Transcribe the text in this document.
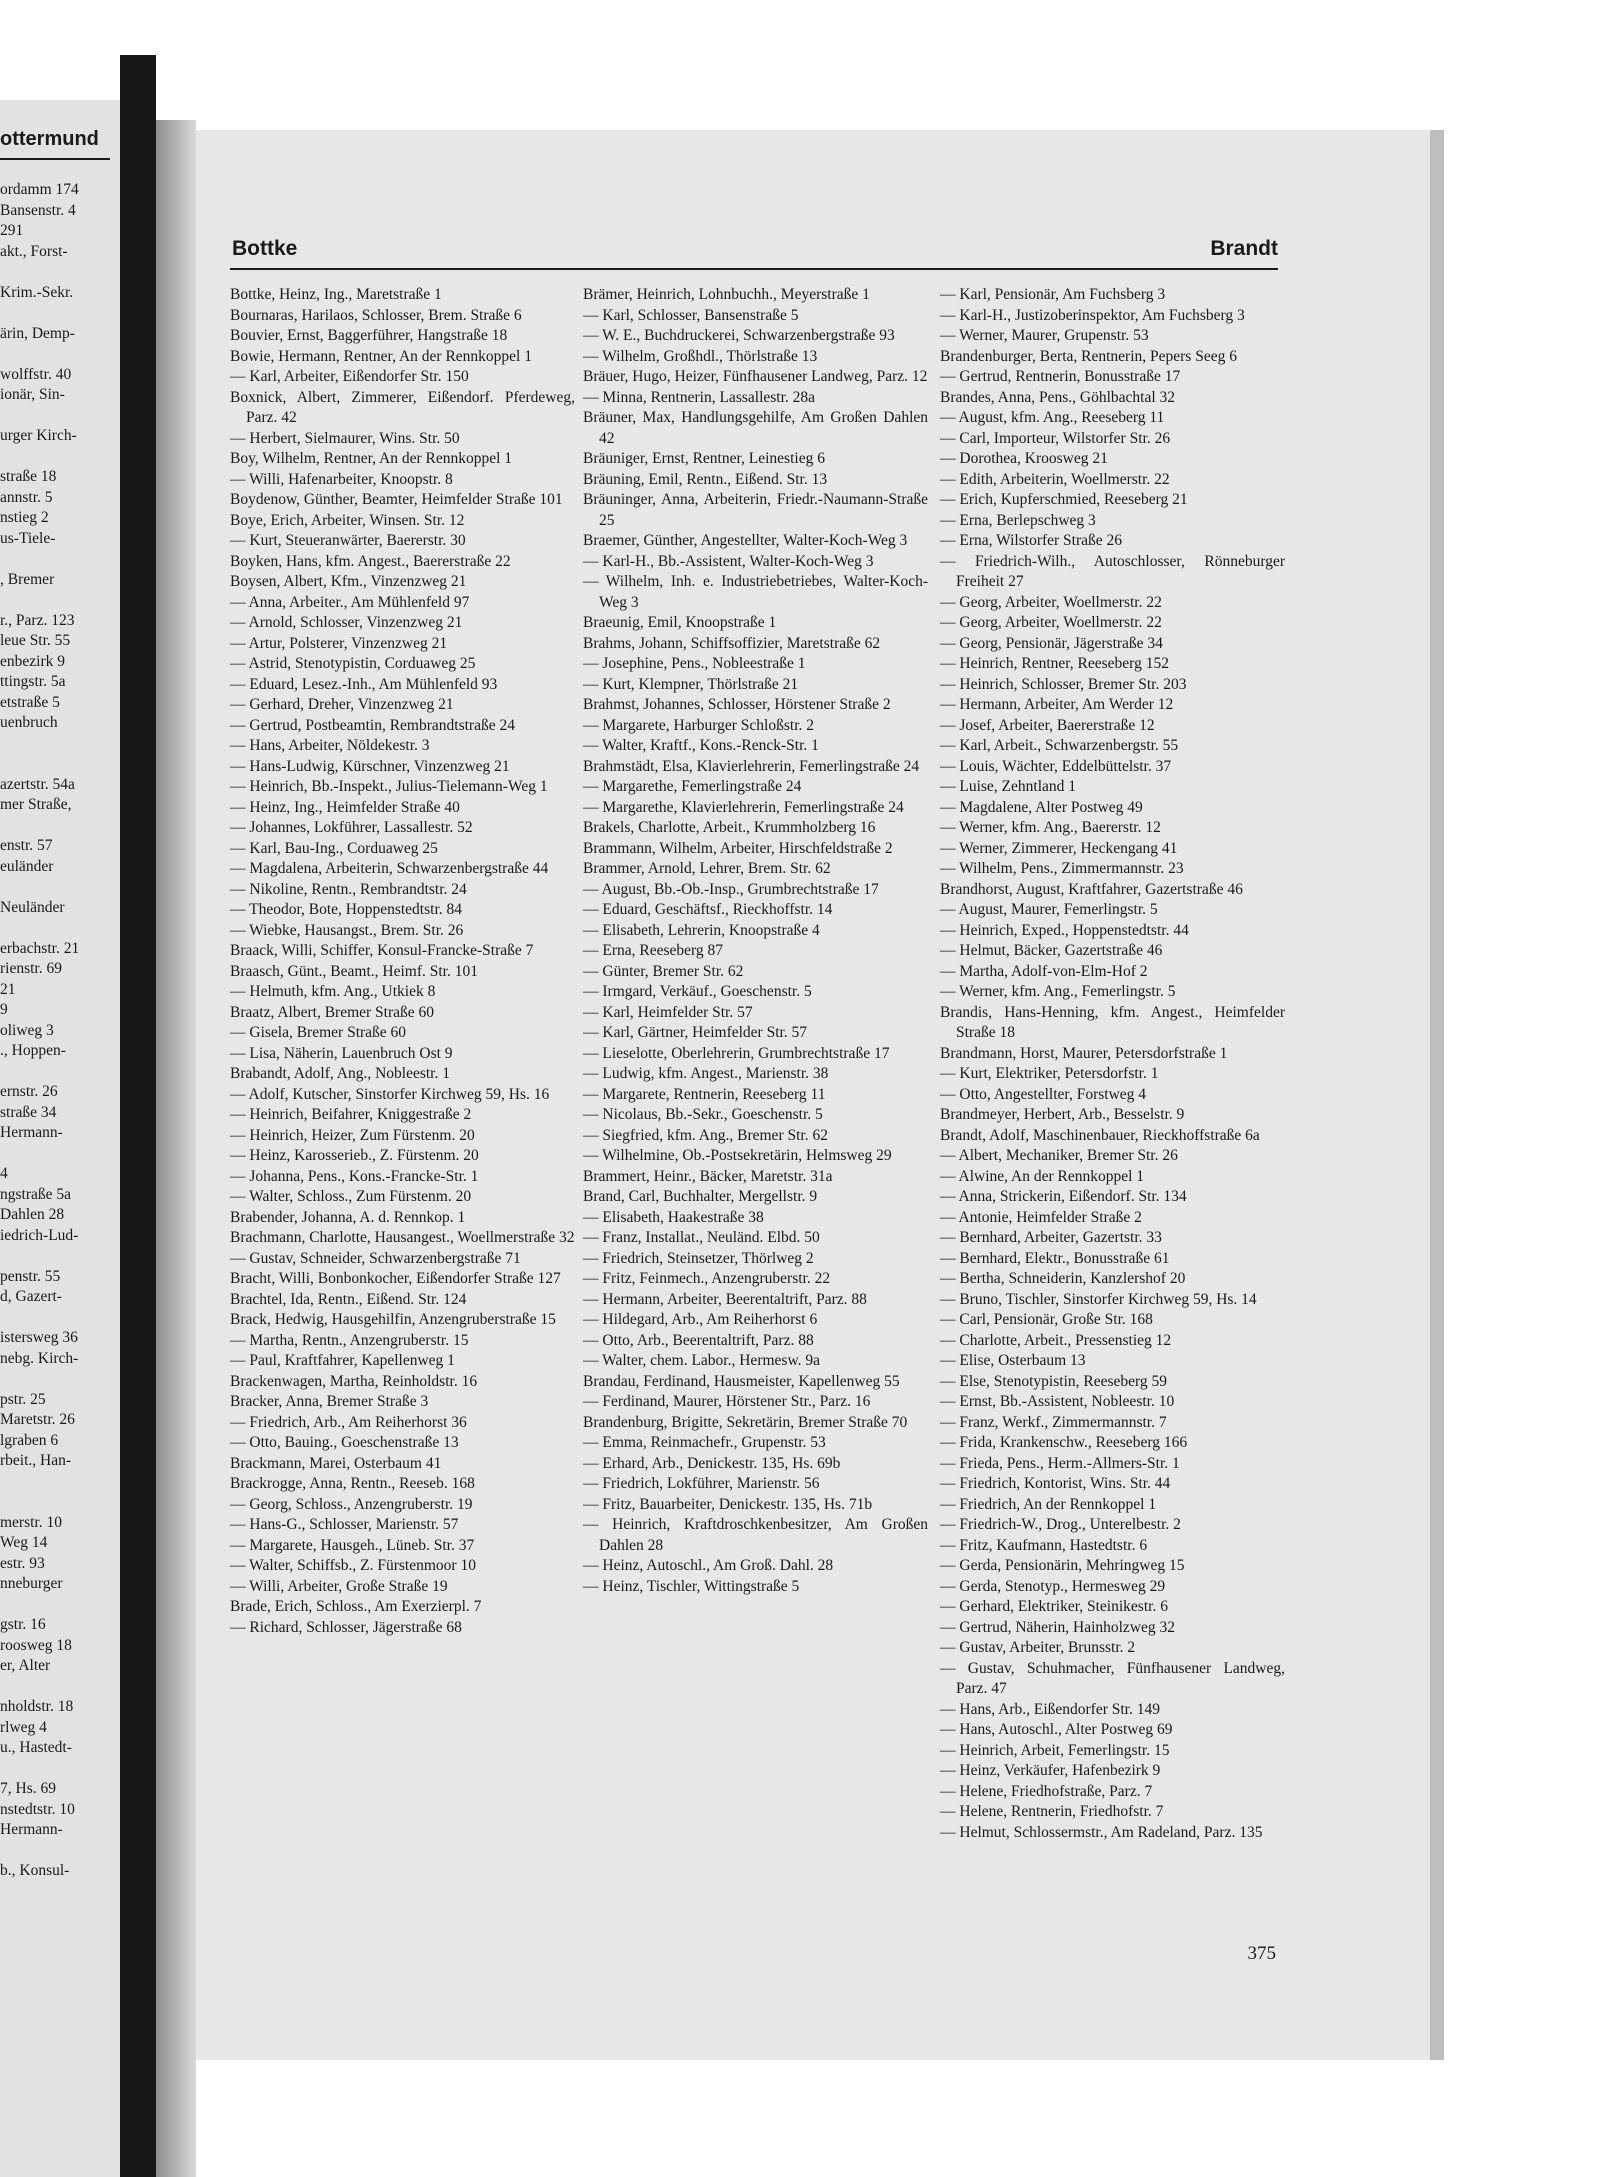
ottermund
ordamm 174
Bansenstr. 4
291
akt., Forst-
Krim.-Sekr.
ärin, Demp-
wolffstr. 40
ionär, Sin-
urger Kirch-
straße 18
annstr. 5
nstieg 2
us-Tiele-
, Bremer
r., Parz. 123
leue Str. 55
enbezirk 9
ttingstr. 5a
etstraße 5
uenbruch
azertstr. 54a
mer Straße,
enstr. 57
euländer
Neuländer
erbachstr. 21
rienstr. 69
21
9
oliweg 3
., Hoppen-
ernstr. 26
straße 34
Hermann-
4
ngstraße 5a
Dahlen 28
iedrich-Lud-
penstr. 55
d, Gazert-
istersweg 36
nebg. Kirch-
pstr. 25
Maretstr. 26
lgraben 6
rbeit., Han-
merstr. 10
Weg 14
estr. 93
nneburger
gstr. 16
roosweg 18
er, Alter
nholdstr. 18
rlweg 4
u., Hastedt-
7, Hs. 69
nstedtstr. 10
Hermann-
b., Konsul-
Bottke	Brandt
Bottke, Heinz, Ing., Maretstraße 1
Bournaras, Harilaos, Schlosser, Brem. Straße 6
Bouvier, Ernst, Baggerführer, Hangstraße 18
Bowie, Hermann, Rentner, An der Rennkoppel 1
— Karl, Arbeiter, Eißendorfer Str. 150
Boxnick, Albert, Zimmerer, Eißendorf. Pferdeweg, Parz. 42
— Herbert, Sielmaurer, Wins. Str. 50
Boy, Wilhelm, Rentner, An der Rennkoppel 1
— Willi, Hafenarbeiter, Knoopstr. 8
Boydenow, Günther, Beamter, Heimfelder Straße 101
Boye, Erich, Arbeiter, Winsen. Str. 12
— Kurt, Steueranwärter, Baererstr. 30
Boyken, Hans, kfm. Angest., Baererstraße 22
Boysen, Albert, Kfm., Vinzenzweg 21
— Anna, Arbeiter., Am Mühlenfeld 97
— Arnold, Schlosser, Vinzenzweg 21
— Artur, Polsterer, Vinzenzweg 21
— Astrid, Stenotypistin, Corduaweg 25
— Eduard, Lesez.-Inh., Am Mühlenfeld 93
— Gerhard, Dreher, Vinzenzweg 21
— Gertrud, Postbeamtin, Rembrandtstraße 24
— Hans, Arbeiter, Nöldekestr. 3
— Hans-Ludwig, Kürschner, Vinzenzweg 21
— Heinrich, Bb.-Inspekt., Julius-Tielemann-Weg 1
— Heinz, Ing., Heimfelder Straße 40
— Johannes, Lokführer, Lassallestr. 52
— Karl, Bau-Ing., Corduaweg 25
— Magdalena, Arbeiterin, Schwarzenbergstraße 44
— Nikoline, Rentn., Rembrandtstr. 24
— Theodor, Bote, Hoppenstedtstr. 84
— Wiebke, Hausangst., Brem. Str. 26
Braack, Willi, Schiffer, Konsul-Francke-Straße 7
Braasch, Günt., Beamt., Heimf. Str. 101
— Helmuth, kfm. Ang., Utkiek 8
Braatz, Albert, Bremer Straße 60
— Gisela, Bremer Straße 60
— Lisa, Näherin, Lauenbruch Ost 9
Brabandt, Adolf, Ang., Nobleestr. 1
— Adolf, Kutscher, Sinstorfer Kirchweg 59, Hs. 16
— Heinrich, Beifahrer, Kniggestraße 2
— Heinrich, Heizer, Zum Fürstenm. 20
— Heinz, Karosserieb., Z. Fürstenm. 20
— Johanna, Pens., Kons.-Francke-Str. 1
— Walter, Schloss., Zum Fürstenm. 20
Brabender, Johanna, A. d. Rennkop. 1
Brachmann, Charlotte, Hausangest., Woellmerstraße 32
— Gustav, Schneider, Schwarzenbergstraße 71
Bracht, Willi, Bonbonkocher, Eißendorfer Straße 127
Brachtel, Ida, Rentn., Eißend. Str. 124
Brack, Hedwig, Hausgehilfin, Anzengruberstraße 15
— Martha, Rentn., Anzengruberstr. 15
— Paul, Kraftfahrer, Kapellenweg 1
Brackenwagen, Martha, Reinholdstr. 16
Bracker, Anna, Bremer Straße 3
— Friedrich, Arb., Am Reiherhorst 36
— Otto, Bauing., Goeschenstraße 13
Brackmann, Marei, Osterbaum 41
Brackrogge, Anna, Rentn., Reeseb. 168
— Georg, Schloss., Anzengruberstr. 19
— Hans-G., Schlosser, Marienstr. 57
— Margarete, Hausgeh., Lüneb. Str. 37
— Walter, Schiffsb., Z. Fürstenmoor 10
— Willi, Arbeiter, Große Straße 19
Brade, Erich, Schloss., Am Exerzierpl. 7
— Richard, Schlosser, Jägerstraße 68
Brämer, Heinrich, Lohnbuchh., Meyerstraße 1
— Karl, Schlosser, Bansenstraße 5
— W. E., Buchdruckerei, Schwarzenbergstraße 93
— Wilhelm, Großhdl., Thörlstraße 13
Bräuer, Hugo, Heizer, Fünfhausener Landweg, Parz. 12
— Minna, Rentnerin, Lassallestr. 28a
Bräuner, Max, Handlungsgehilfe, Am Großen Dahlen 42
Bräuniger, Ernst, Rentner, Leinestieg 6
Bräuning, Emil, Rentn., Eißend. Str. 13
Bräuninger, Anna, Arbeiterin, Friedr.-Naumann-Straße 25
Braemer, Günther, Angestellter, Walter-Koch-Weg 3
— Karl-H., Bb.-Assistent, Walter-Koch-Weg 3
— Wilhelm, Inh. e. Industriebetriebes, Walter-Koch-Weg 3
Braeunig, Emil, Knoopstraße 1
Brahms, Johann, Schiffsoffizier, Maretstraße 62
— Josephine, Pens., Nobleestraße 1
— Kurt, Klempner, Thörlstraße 21
Brahmst, Johannes, Schlosser, Hörstener Straße 2
— Margarete, Harburger Schloßstr. 2
— Walter, Kraftf., Kons.-Renck-Str. 1
Brahmstädt, Elsa, Klavierlehrerin, Femerlingstraße 24
— Margarethe, Femerlingstraße 24
— Margarethe, Klavierlehrerin, Femerlingstraße 24
Brakels, Charlotte, Arbeit., Krummholzberg 16
Brammann, Wilhelm, Arbeiter, Hirschfeldstraße 2
Brammer, Arnold, Lehrer, Brem. Str. 62
— August, Bb.-Ob.-Insp., Grumbrechtstraße 17
— Eduard, Geschäftsf., Rieckhoffstr. 14
— Elisabeth, Lehrerin, Knoopstraße 4
— Erna, Reeseberg 87
— Günter, Bremer Str. 62
— Irmgard, Verkäuf., Goeschenstr. 5
— Karl, Heimfelder Str. 57
— Karl, Gärtner, Heimfelder Str. 57
— Lieselotte, Oberlehrerin, Grumbrechtstraße 17
— Ludwig, kfm. Angest., Marienstr. 38
— Margarete, Rentnerin, Reeseberg 11
— Nicolaus, Bb.-Sekr., Goeschenstr. 5
— Siegfried, kfm. Ang., Bremer Str. 62
— Wilhelmine, Ob.-Postsekretärin, Helmsweg 29
Brammert, Heinr., Bäcker, Maretstr. 31a
Brand, Carl, Buchhalter, Mergellstr. 9
— Elisabeth, Haakestraße 38
— Franz, Installat., Neuländ. Elbd. 50
— Friedrich, Steinsetzer, Thörlweg 2
— Fritz, Feinmech., Anzengruberstr. 22
— Hermann, Arbeiter, Beerentaltrift, Parz. 88
— Hildegard, Arb., Am Reiherhorst 6
— Otto, Arb., Beerentaltrift, Parz. 88
— Walter, chem. Labor., Hermesw. 9a
Brandau, Ferdinand, Hausmeister, Kapellenweg 55
— Ferdinand, Maurer, Hörstener Str., Parz. 16
Brandenburg, Brigitte, Sekretärin, Bremer Straße 70
— Emma, Reinmachefr., Grupenstr. 53
— Erhard, Arb., Denickestr. 135, Hs. 69b
— Friedrich, Lokführer, Marienstr. 56
— Fritz, Bauarbeiter, Denickestr. 135, Hs. 71b
— Heinrich, Kraftdroschkenbesitzer, Am Großen Dahlen 28
— Heinz, Autoschl., Am Groß. Dahl. 28
— Heinz, Tischler, Wittingstraße 5
— Karl, Pensionär, Am Fuchsberg 3
— Karl-H., Justizoberinspektor, Am Fuchsberg 3
— Werner, Maurer, Grupenstr. 53
Brandenburger, Berta, Rentnerin, Pepers Seeg 6
— Gertrud, Rentnerin, Bonusstraße 17
Brandes, Anna, Pens., Göhlbachtal 32
— August, kfm. Ang., Reeseberg 11
— Carl, Importeur, Wilstorfer Str. 26
— Dorothea, Kroosweg 21
— Edith, Arbeiterin, Woellmerstr. 22
— Erich, Kupferschmied, Reeseberg 21
— Erna, Berlepschweg 3
— Erna, Wilstorfer Straße 26
— Friedrich-Wilh., Autoschlosser, Rönneburger Freiheit 27
— Georg, Arbeiter, Woellmerstr. 22
— Georg, Arbeiter, Woellmerstr. 22
— Georg, Pensionär, Jägerstraße 34
— Heinrich, Rentner, Reeseberg 152
— Heinrich, Schlosser, Bremer Str. 203
— Hermann, Arbeiter, Am Werder 12
— Josef, Arbeiter, Baererstraße 12
— Karl, Arbeit., Schwarzenbergstr. 55
— Louis, Wächter, Eddelbüttelstr. 37
— Luise, Zehntland 1
— Magdalene, Alter Postweg 49
— Werner, kfm. Ang., Baererstr. 12
— Werner, Zimmerer, Heckengang 41
— Wilhelm, Pens., Zimmermannstr. 23
Brandhorst, August, Kraftfahrer, Gazertstraße 46
— August, Maurer, Femerlingstr. 5
— Heinrich, Exped., Hoppenstedtstr. 44
— Helmut, Bäcker, Gazertstraße 46
— Martha, Adolf-von-Elm-Hof 2
— Werner, kfm. Ang., Femerlingstr. 5
Brandis, Hans-Henning, kfm. Angest., Heimfelder Straße 18
Brandmann, Horst, Maurer, Petersdorfstraße 1
— Kurt, Elektriker, Petersdorfstr. 1
— Otto, Angestellter, Forstweg 4
Brandmeyer, Herbert, Arb., Besselstr. 9
Brandt, Adolf, Maschinenbauer, Rieckhoffstraße 6a
— Albert, Mechaniker, Bremer Str. 26
— Alwine, An der Rennkoppel 1
— Anna, Strickerin, Eißendorf. Str. 134
— Antonie, Heimfelder Straße 2
— Bernhard, Arbeiter, Gazertstr. 33
— Bernhard, Elektr., Bonusstraße 61
— Bertha, Schneiderin, Kanzlershof 20
— Bruno, Tischler, Sinstorfer Kirchweg 59, Hs. 14
— Carl, Pensionär, Große Str. 168
— Charlotte, Arbeit., Pressenstieg 12
— Elise, Osterbaum 13
— Else, Stenotypistin, Reeseberg 59
— Ernst, Bb.-Assistent, Nobleestr. 10
— Franz, Werkf., Zimmermannstr. 7
— Frida, Krankenschw., Reeseberg 166
— Frieda, Pens., Herm.-Allmers-Str. 1
— Friedrich, Kontorist, Wins. Str. 44
— Friedrich, An der Rennkoppel 1
— Friedrich-W., Drog., Unterelbestr. 2
— Fritz, Kaufmann, Hastedtstr. 6
— Gerda, Pensionärin, Mehringweg 15
— Gerda, Stenotyp., Hermesweg 29
— Gerhard, Elektriker, Steinikestr. 6
— Gertrud, Näherin, Hainholzweg 32
— Gustav, Arbeiter, Brunsstr. 2
— Gustav, Schuhmacher, Fünfhausener Landweg, Parz. 47
— Hans, Arb., Eißendorfer Str. 149
— Hans, Autoschl., Alter Postweg 69
— Heinrich, Arbeit, Femerlingstr. 15
— Heinz, Verkäufer, Hafenbezirk 9
— Helene, Friedhofstraße, Parz. 7
— Helene, Rentnerin, Friedhofstr. 7
— Helmut, Schlossermstr., Am Radeland, Parz. 135
375
